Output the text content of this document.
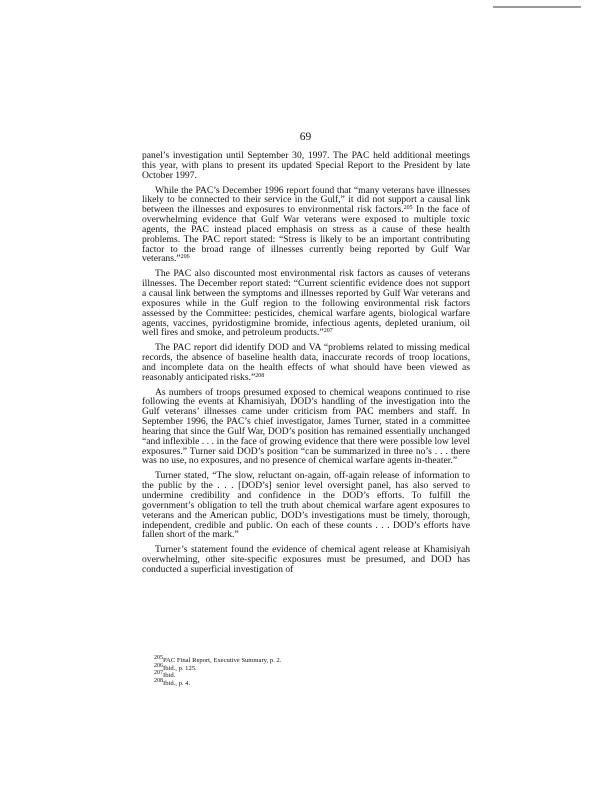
69

panel’s investigation until September 30, 1997. The PAC held additional meetings this year, with plans to present its updated Special Report to the President by late October 1997.

While the PAC’s December 1996 report found that “many veterans have illnesses likely to be connected to their service in the Gulf,” it did not support a causal link between the illnesses and exposures to environmental risk factors.$^{205}$ In the face of overwhelming evidence that Gulf War veterans were exposed to multiple toxic agents, the PAC instead placed emphasis on stress as a cause of these health problems. The PAC report stated: “Stress is likely to be an important contributing factor to the broad range of illnesses currently being reported by Gulf War veterans.”$^{206}$

The PAC also discounted most environmental risk factors as causes of veterans illnesses. The December report stated: “Current scientific evidence does not support a causal link between the symptoms and illnesses reported by Gulf War veterans and exposures while in the Gulf region to the following environmental risk factors assessed by the Committee: pesticides, chemical warfare agents, biological warfare agents, vaccines, pyridostigmine bromide, infectious agents, depleted uranium, oil well fires and smoke, and petroleum products.”$^{207}$

The PAC report did identify DOD and VA “problems related to missing medical records, the absence of baseline health data, inaccurate records of troop locations, and incomplete data on the health effects of what should have been viewed as reasonably anticipated risks.”$^{208}$

As numbers of troops presumed exposed to chemical weapons continued to rise following the events at Khamisiyah, DOD’s handling of the investigation into the Gulf veterans’ illnesses came under criticism from PAC members and staff. In September 1996, the PAC’s chief investigator, James Turner, stated in a committee hearing that since the Gulf War, DOD’s position has remained essentially unchanged “and inflexible . . . in the face of growing evidence that there were possible low level exposures.” Turner said DOD’s position “can be summarized in three no’s . . . there was no use, no exposures, and no presence of chemical warfare agents in-theater.”

Turner stated, “The slow, reluctant on-again, off-again release of information to the public by the . . . [DOD’s] senior level oversight panel, has also served to undermine credibility and confidence in the DOD’s efforts. To fulfill the government’s obligation to tell the truth about chemical warfare agent exposures to veterans and the American public, DOD’s investigations must be timely, thorough, independent, credible and public. On each of these counts . . . DOD’s efforts have fallen short of the mark.”

Turner’s statement found the evidence of chemical agent release at Khamisiyah overwhelming, other site-specific exposures must be presumed, and DOD has conducted a superficial investigation of

$^{205}$PAC Final Report, Executive Summary, p. 2.
$^{206}$Ibid., p. 125.
$^{207}$Ibid.
$^{208}$Ibid., p. 4.
